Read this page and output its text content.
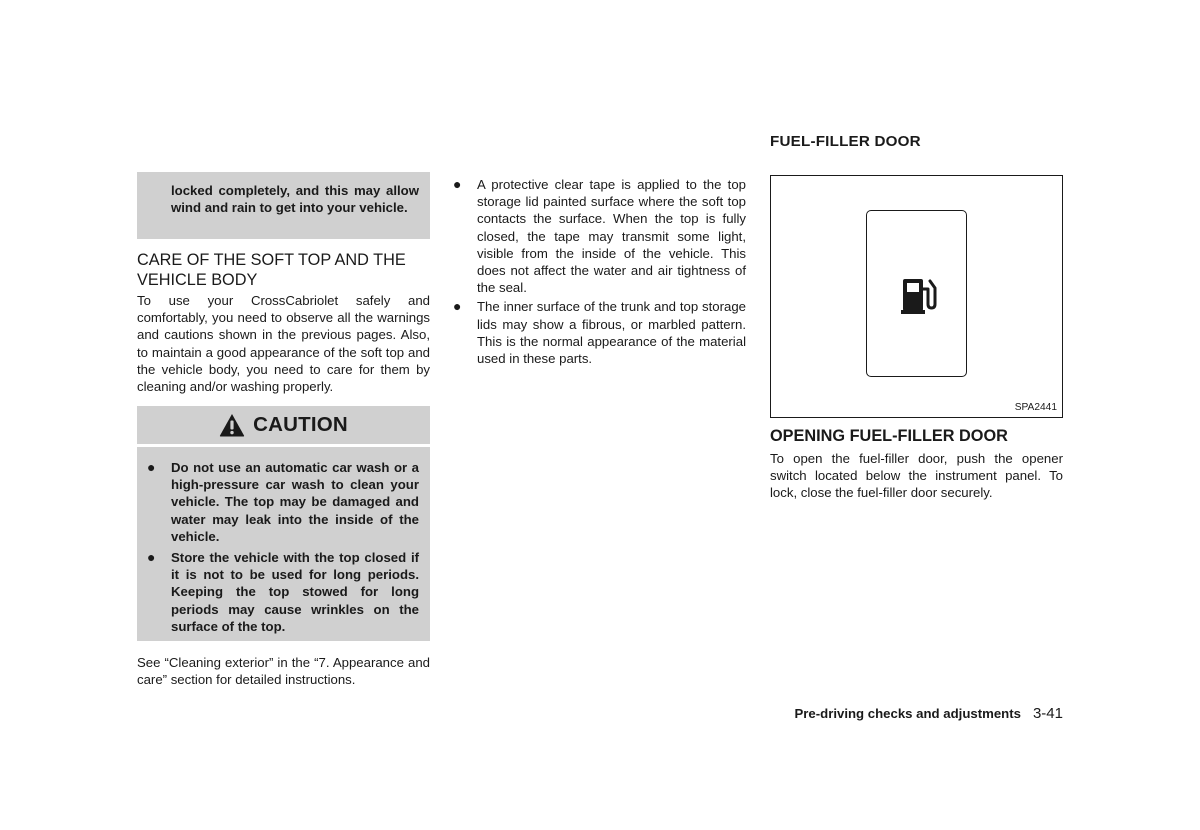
locked completely, and this may allow wind and rain to get into your vehicle.

CARE OF THE SOFT TOP AND THE
VEHICLE BODY

To use your CrossCabriolet safely and comfortably, you need to observe all the warnings and cautions shown in the previous pages. Also, to maintain a good appearance of the soft top and the vehicle body, you need to care for them by cleaning and/or washing properly.

CAUTION
● Do not use an automatic car wash or a high-pressure car wash to clean your vehicle. The top may be damaged and water may leak into the inside of the vehicle.

● Store the vehicle with the top closed if it is not to be used for long periods. Keeping the top stowed for long periods may cause wrinkles on the surface of the top.

See “Cleaning exterior” in the “7. Appearance and care” section for detailed instructions.

● A protective clear tape is applied to the top storage lid painted surface where the soft top contacts the surface. When the top is fully closed, the tape may transmit some light, visible from the inside of the vehicle. This does not affect the water and air tightness of the seal.

● The inner surface of the trunk and top storage lids may show a fibrous, or marbled pattern. This is the normal appearance of the material used in these parts.

FUEL-FILLER DOOR
SPA2441
OPENING FUEL-FILLER DOOR

To open the fuel-filler door, push the opener switch located below the instrument panel. To lock, close the fuel-filler door securely.

Pre-driving checks and adjustments 3-41
